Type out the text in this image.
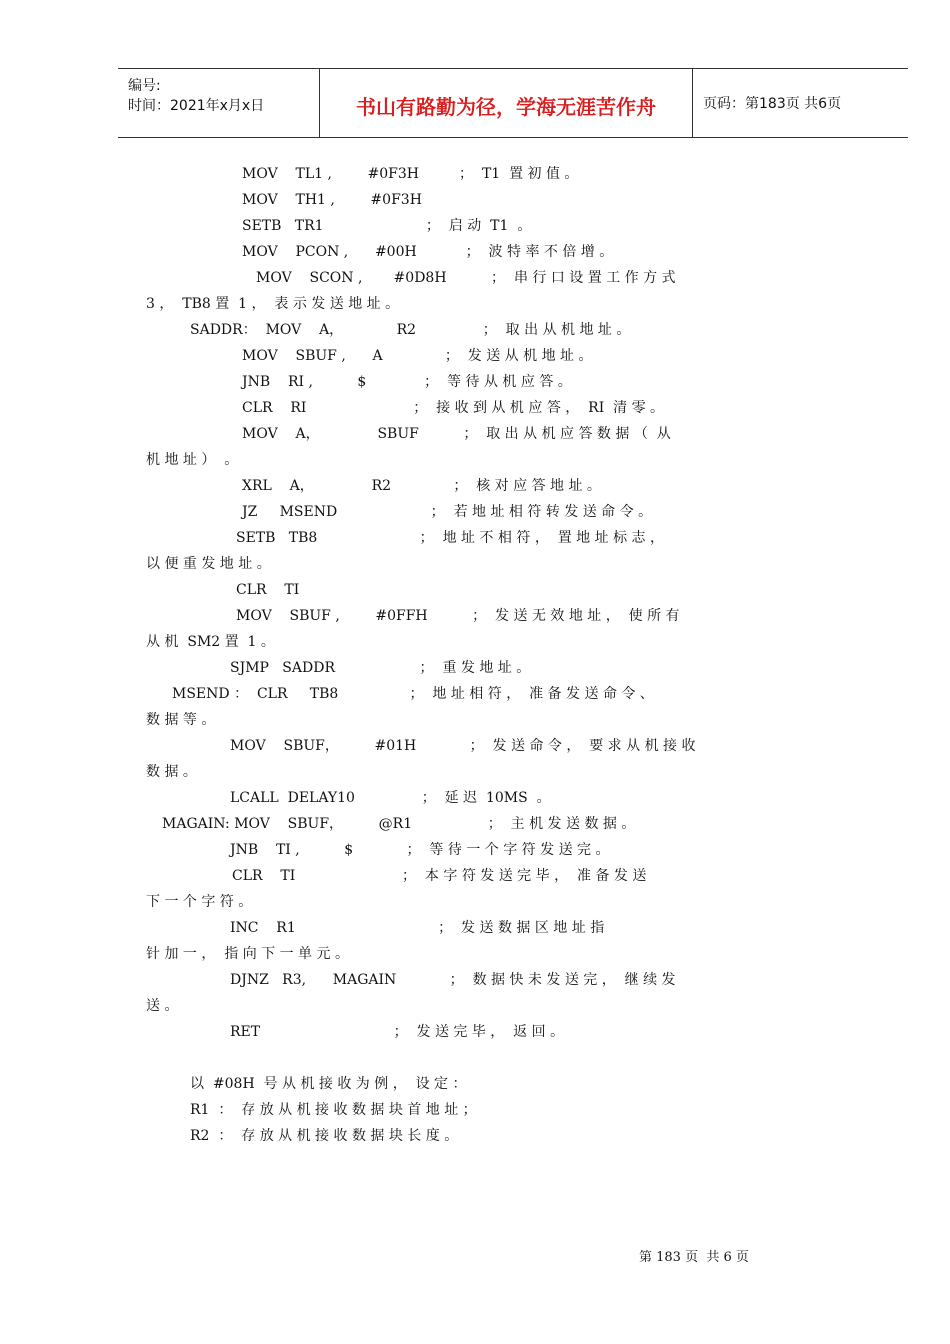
编号:
时间：2021年x月x日	书山有路勤为径，学海无涯苦作舟	页码：第183页 共6页
MOV    TL1 ,        #0F3H         ；  T1  置 初 值 。
MOV    TH1 ,        #0F3H
SETB   TR1                       ；  启 动  T1  。
MOV    PCON ,      #00H           ；  波 特 率 不 倍 增 。
MOV    SCON ,       #0D8H          ；  串 行 口 设 置 工 作 方 式
3 ，  TB8 置  1 ，  表 示 发 送 地 址 。
SADDR：  MOV    A，            R2               ；  取 出 从 机 地 址 。
MOV    SBUF ,      A              ；  发 送 从 机 地 址 。
JNB    RI ,          $             ；  等 待 从 机 应 答 。
CLR    RI                        ；  接 收 到 从 机 应 答 ，  RI  清 零 。
MOV    A，             SBUF          ；  取 出 从 机 应 答 数 据 （  从
机 地 址 ）  。
XRL    A，             R2              ；  核 对 应 答 地 址 。
JZ     MSEND                     ；  若 地 址 相 符 转 发 送 命 令 。
SETB   TB8                       ；  地 址 不 相 符 ，  置 地 址 标 志 ，
以 便 重 发 地 址 。
CLR    TI
MOV    SBUF ,        #0FFH          ；  发 送 无 效 地 址 ，  使 所 有
从 机  SM2 置  1 。
SJMP   SADDR                   ；  重 发 地 址 。
MSEND ：  CLR     TB8                ；  地 址 相 符 ，  准 备 发 送 命 令 、
数 据 等 。
MOV    SBUF，        #01H            ；  发 送 命 令 ，  要 求 从 机 接 收
数 据 。
LCALL  DELAY10               ；  延 迟  10MS  。
MAGAIN: MOV    SBUF，        @R1                 ；  主 机 发 送 数 据 。
JNB    TI ,          $            ；  等 待 一 个 字 符 发 送 完 。
CLR    TI                        ；  本 字 符 发 送 完 毕 ，  准 备 发 送
下 一 个 字 符 。
INC    R1                                ；  发 送 数 据 区 地 址 指
针 加 一 ，  指 向 下 一 单 元 。
DJNZ   R3,      MAGAIN            ；  数 据 快 未 发 送 完 ，  继 续 发
送 。
RET                              ；  发 送 完 毕 ，  返 回 。
以  #08H  号 从 机 接 收 为 例 ，  设 定 ：
R1  ：  存 放 从 机 接 收 数 据 块 首 地 址 ；
R2  ：  存 放 从 机 接 收 数 据 块 长 度 。
第 183 页  共 6 页
